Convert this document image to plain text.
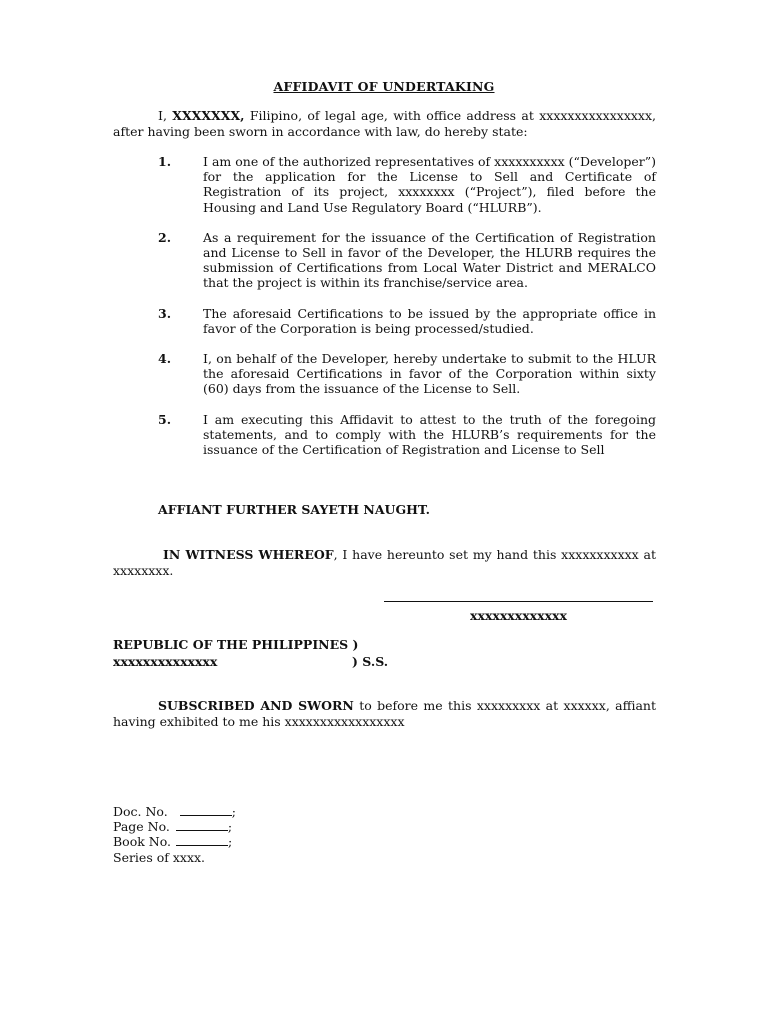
AFFIDAVIT OF UNDERTAKING
I, XXXXXXX, Filipino, of legal age, with office address at xxxxxxxxxxxxxxxx, after having been sworn in accordance with law, do hereby state:
1.	I am one of the authorized representatives of xxxxxxxxxx (“Developer”) for the application for the License to Sell and Certificate of Registration of its project, xxxxxxxx (“Project”), filed before the Housing and Land Use Regulatory Board (“HLURB”).
2.	As a requirement for the issuance of the Certification of Registration and License to Sell in favor of the Developer, the HLURB requires the submission of Certifications from Local Water District and MERALCO that the project is within its franchise/service area.
3.	The aforesaid Certifications to be issued by the appropriate office in favor of the Corporation is being processed/studied.
4.	I, on behalf of the Developer, hereby undertake to submit to the HLUR the aforesaid Certifications in favor of the Corporation within sixty (60) days from the issuance of the License to Sell.
5.	I am executing this Affidavit to attest to the truth of the foregoing statements, and to comply with the HLURB’s requirements for the issuance of the Certification of Registration and License to Sell
AFFIANT FURTHER SAYETH NAUGHT.
IN WITNESS WHEREOF, I have hereunto set my hand this xxxxxxxxxxx at xxxxxxxx.
xxxxxxxxxxxxx
REPUBLIC OF THE PHILIPPINES )
xxxxxxxxxxxxxx	) S.S.
SUBSCRIBED AND SWORN to before me this xxxxxxxxx at xxxxxx, affiant having exhibited to me his xxxxxxxxxxxxxxxxx
Doc. No.	;
Page No.	;
Book No.	;
Series of xxxx.
